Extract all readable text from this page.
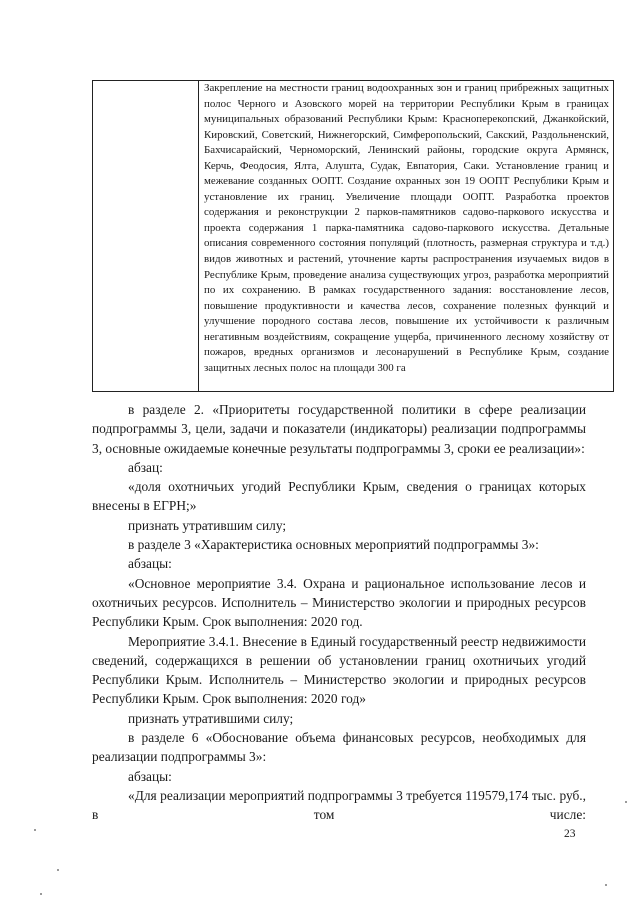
Закрепление на местности границ водоохранных зон и границ прибрежных защитных полос Черного и Азовского морей на территории Республики Крым в границах муниципальных образований Республики Крым: Красноперекопский, Джанкойский, Кировский, Советский, Нижнегорский, Симферопольский, Сакский, Раздольненский, Бахчисарайский, Черноморский, Ленинский районы, городские округа Армянск, Керчь, Феодосия, Ялта, Алушта, Судак, Евпатория, Саки. Установление границ и межевание созданных ООПТ. Создание охранных зон 19 ООПТ Республики Крым и установление их границ. Увеличение площади ООПТ. Разработка проектов содержания и реконструкции 2 парков-памятников садово-паркового искусства и проекта содержания 1 парка-памятника садово-паркового искусства. Детальные описания современного состояния популяций (плотность, размерная структура и т.д.) видов животных и растений, уточнение карты распространения изучаемых видов в Республике Крым, проведение анализа существующих угроз, разработка мероприятий по их сохранению. В рамках государственного задания: восстановление лесов, повышение продуктивности и качества лесов, сохранение полезных функций и улучшение породного состава лесов, повышение их устойчивости к различным негативным воздействиям, сокращение ущерба, причиненного лесному хозяйству от пожаров, вредных организмов и лесонарушений в Республике Крым, создание защитных лесных полос на площади 300 га

в разделе 2. «Приоритеты государственной политики в сфере реализации подпрограммы 3, цели, задачи и показатели (индикаторы) реализации подпрограммы 3, основные ожидаемые конечные результаты подпрограммы 3, сроки ее реализации»:

абзац:

«доля охотничьих угодий Республики Крым, сведения о границах которых внесены в ЕГРН;»

признать утратившим силу;

в разделе 3 «Характеристика основных мероприятий подпрограммы 3»:

абзацы:

«Основное мероприятие 3.4. Охрана и рациональное использование лесов и охотничьих ресурсов. Исполнитель – Министерство экологии и природных ресурсов Республики Крым. Срок выполнения: 2020 год.

Мероприятие 3.4.1. Внесение в Единый государственный реестр недвижимости сведений, содержащихся в решении об установлении границ охотничьих угодий Республики Крым. Исполнитель – Министерство экологии и природных ресурсов Республики Крым. Срок выполнения: 2020 год»

признать утратившими силу;

в разделе 6 «Обоснование объема финансовых ресурсов, необходимых для реализации подпрограммы 3»:

абзацы:

«Для реализации мероприятий подпрограммы 3 требуется 119579,174 тыс. руб., в том числе:

23
